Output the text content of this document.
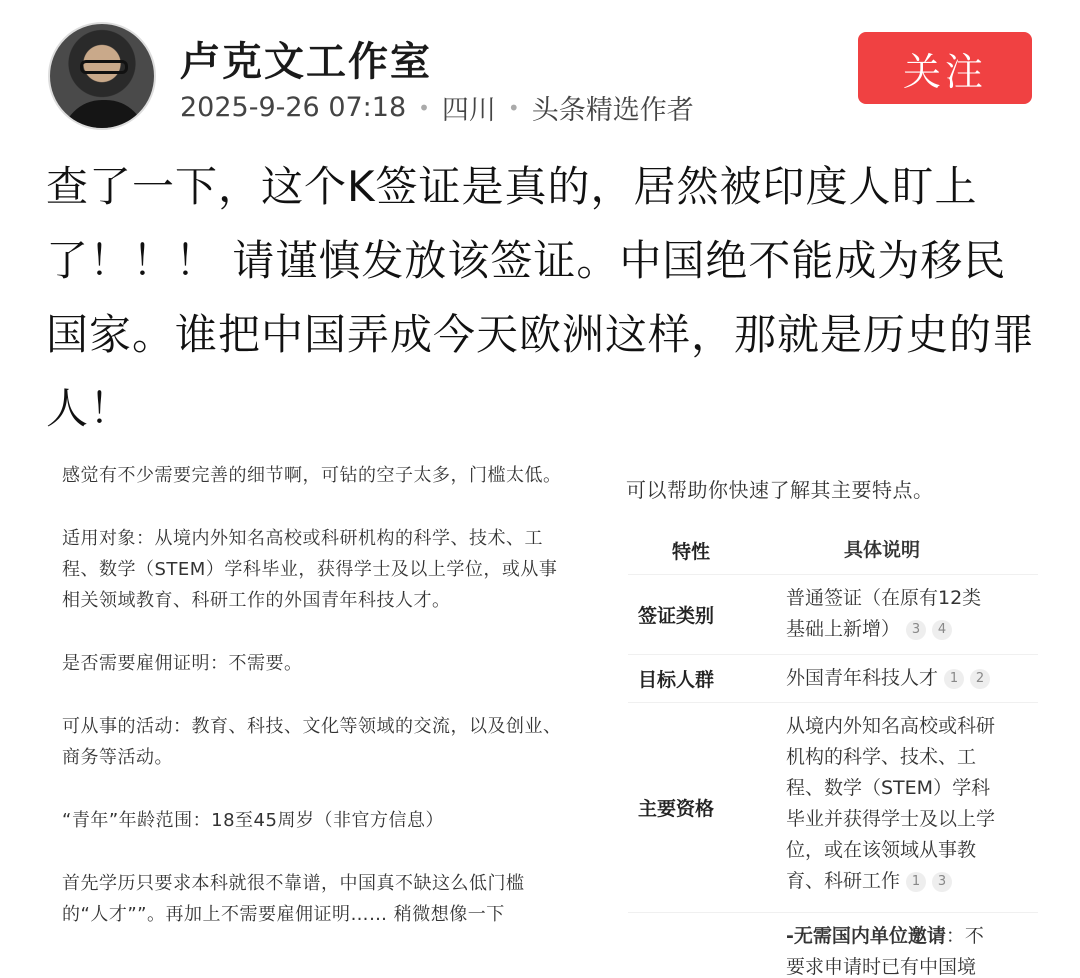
卢克文工作室
2025-9-26 07:18 • 四川 • 头条精选作者
关注
查了一下，这个K签证是真的，居然被印度人盯上了！！！ 请谨慎发放该签证。中国绝不能成为移民国家。谁把中国弄成今天欧洲这样，那就是历史的罪人！

感觉有不少需要完善的细节啊，可钻的空子太多，门槛太低。

适用对象：从境内外知名高校或科研机构的科学、技术、工程、数学（STEM）学科毕业，获得学士及以上学位，或从事相关领域教育、科研工作的外国青年科技人才。

是否需要雇佣证明：不需要。

可从事的活动：教育、科技、文化等领域的交流，以及创业、商务等活动。

“青年”年龄范围：18至45周岁（非官方信息）

首先学历只要求本科就很不靠谱，中国真不缺这么低门槛的“人才””。再加上不需要雇佣证明…… 稍微想像一下

可以帮助你快速了解其主要特点。
特性	具体说明
签证类别
普通签证（在原有12类基础上新增） 3 4
目标人群	外国青年科技人才 1 2
主要资格
从境内外知名高校或科研机构的科学、技术、工程、数学（STEM）学科毕业并获得学士及以上学位，或在该领域从事教育、科研工作 1 3
-无需国内单位邀请：不要求申请时已有中国境
